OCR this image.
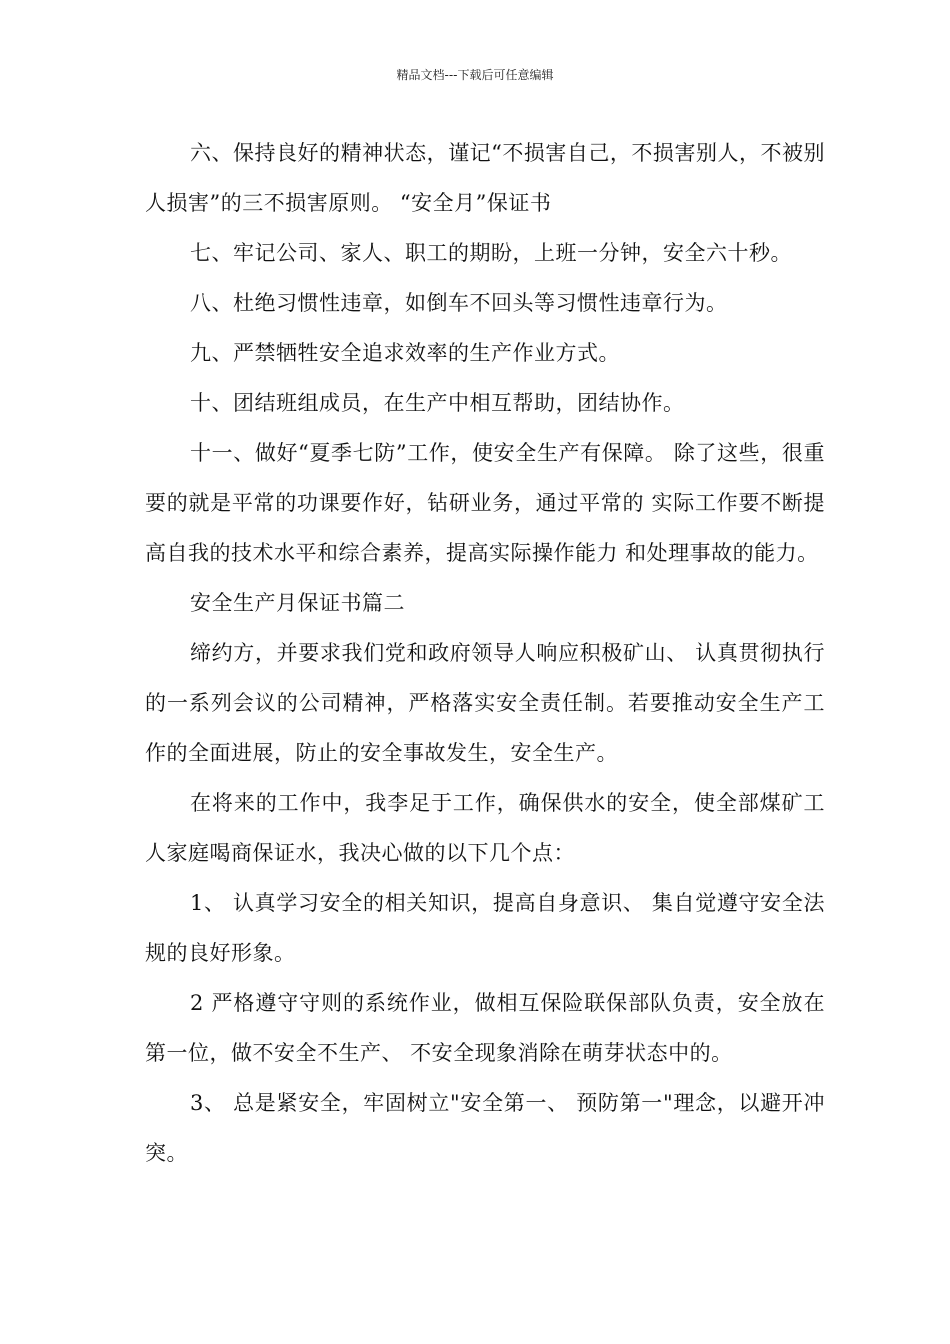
精品文档---下载后可任意编辑

六、保持良好的精神状态，谨记“不损害自己，不损害别人，不被别 人损害”的三不损害原则。 “安全月”保证书

七、牢记公司、家人、职工的期盼，上班一分钟，安全六十秒。

八、杜绝习惯性违章，如倒车不回头等习惯性违章行为。

九、严禁牺牲安全追求效率的生产作业方式。

十、团结班组成员，在生产中相互帮助，团结协作。

十一、做好“夏季七防”工作，使安全生产有保障。 除了这些，很重要的就是平常的功课要作好，钻研业务，通过平常的 实际工作要不断提高自我的技术水平和综合素养，提高实际操作能力 和处理事故的能力。

安全生产月保证书篇二

缔约方，并要求我们党和政府领导人响应积极矿山、 认真贯彻执行的一系列会议的公司精神，严格落实安全责任制。若要推动安全生产工作的全面进展，防止的安全事故发生，安全生产。

在将来的工作中，我李足于工作，确保供水的安全，使全部煤矿工人家庭喝商保证水，我决心做的以下几个点：

1、 认真学习安全的相关知识，提高自身意识、 集自觉遵守安全法规的良好形象。

2 严格遵守守则的系统作业，做相互保险联保部队负责，安全放在第一位，做不安全不生产、 不安全现象消除在萌芽状态中的。

3、 总是紧安全，牢固树立"安全第一、 预防第一"理念，以避开冲突。
